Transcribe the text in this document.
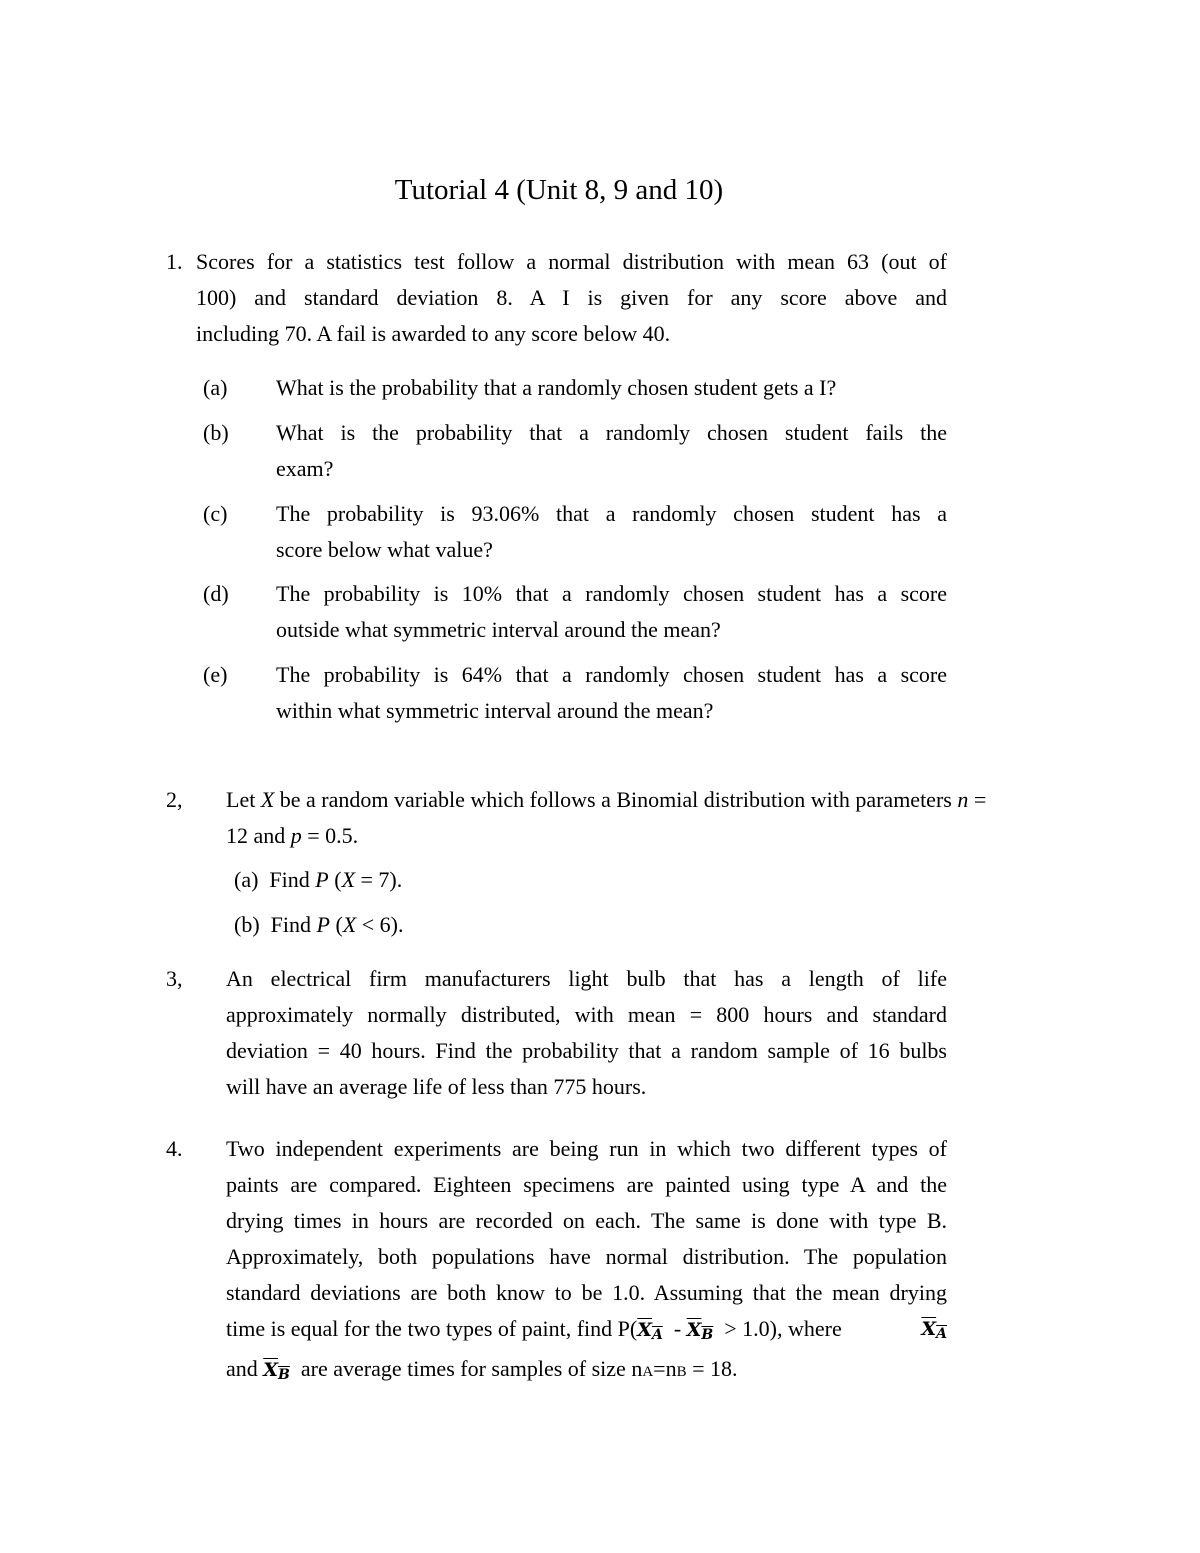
Tutorial 4 (Unit 8, 9 and 10)
1. Scores for a statistics test follow a normal distribution with mean 63 (out of
100) and standard deviation 8. A I is given for any score above and
including 70. A fail is awarded to any score below 40.
(a) What is the probability that a randomly chosen student gets a I?
(b) What is the probability that a randomly chosen student fails the
exam?
(c) The probability is 93.06% that a randomly chosen student has a
score below what value?
(d) The probability is 10% that a randomly chosen student has a score
outside what symmetric interval around the mean?
(e) The probability is 64% that a randomly chosen student has a score
within what symmetric interval around the mean?
2, Let X be a random variable which follows a Binomial distribution with parameters n =
12 and p = 0.5.
(a) Find P (X = 7).
(b) Find P (X < 6).
3, An electrical firm manufacturers light bulb that has a length of life
approximately normally distributed, with mean = 800 hours and standard
deviation = 40 hours. Find the probability that a random sample of 16 bulbs
will have an average life of less than 775 hours.
4. Two independent experiments are being run in which two different types of
paints are compared. Eighteen specimens are painted using type A and the
drying times in hours are recorded on each. The same is done with type B.
Approximately, both populations have normal distribution. The population
standard deviations are both know to be 1.0. Assuming that the mean drying
time is equal for the two types of paint, find $P(X_A - X_B > 1.0)$, where	$X_A$
and $X_B$  are average times for samples of size nA=nB = 18.
